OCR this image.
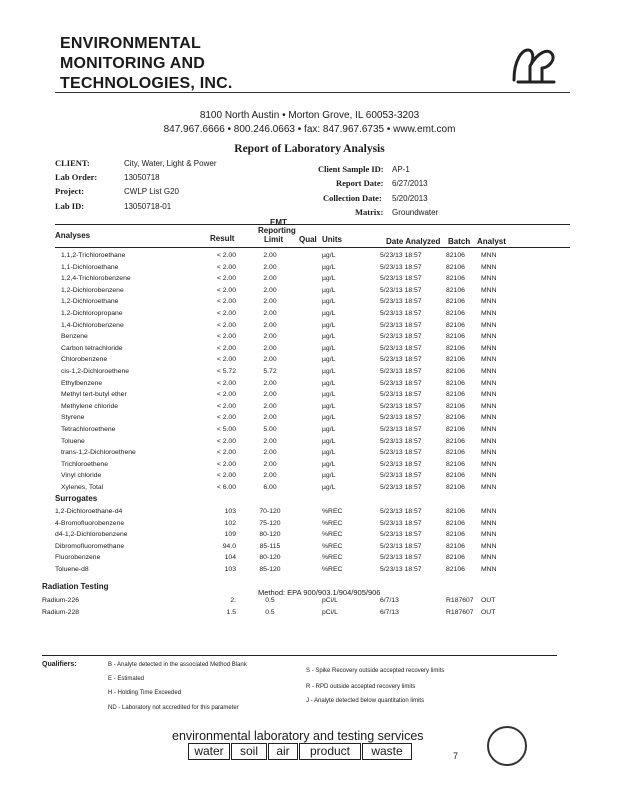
ENVIRONMENTAL
MONITORING AND
TECHNOLOGIES, INC.
8100 North Austin • Morton Grove, IL 60053-3203
847.967.6666 • 800.246.0663 • fax: 847.967.6735 • www.emt.com
Report of Laboratory Analysis
CLIENT:	City, Water, Light & Power
Lab Order:	13050718
Project:	CWLP List G20
Lab ID:	13050718-01
Client Sample ID: AP-1
Report Date: 6/27/2013
Collection Date: 5/20/2013
Matrix: Groundwater
Analyses	Result
EMT
Reporting
Limit Qual Units	Date Analyzed Batch Analyst
1,1,2-Trichloroethane	< 2.00	2.00	µg/L	5/23/13 18:57	82106 MNN
1,1-Dichloroethane	< 2.00	2.00	µg/L	5/23/13 18:57	82106 MNN
1,2,4-Trichlorobenzene	< 2.00	2.00	µg/L	5/23/13 18:57	82106 MNN
1,2-Dichlorobenzene	< 2.00	2.00	µg/L	5/23/13 18:57	82106 MNN
1,2-Dichloroethane	< 2.00	2.00	µg/L	5/23/13 18:57	82106 MNN
1,2-Dichloropropane	< 2.00	2.00	µg/L	5/23/13 18:57	82106 MNN
1,4-Dichlorobenzene	< 2.00	2.00	µg/L	5/23/13 18:57	82106 MNN
Benzene	< 2.00	2.00	µg/L	5/23/13 18:57	82106 MNN
Carbon tetrachloride	< 2.00	2.00	µg/L	5/23/13 18:57	82106 MNN
Chlorobenzene	< 2.00	2.00	µg/L	5/23/13 18:57	82106 MNN
cis-1,2-Dichloroethene	< 5.72	5.72	µg/L	5/23/13 18:57	82106 MNN
Ethylbenzene	< 2.00	2.00	µg/L	5/23/13 18:57	82106 MNN
Methyl tert-butyl ether	< 2.00	2.00	µg/L	5/23/13 18:57	82106 MNN
Methylene chloride	< 2.00	2.00	µg/L	5/23/13 18:57	82106 MNN
Styrene	< 2.00	2.00	µg/L	5/23/13 18:57	82106 MNN
Tetrachloroethene	< 5.00	5.00	µg/L	5/23/13 18:57	82106 MNN
Toluene	< 2.00	2.00	µg/L	5/23/13 18:57	82106 MNN
trans-1,2-Dichloroethene	< 2.00	2.00	µg/L	5/23/13 18:57	82106 MNN
Trichloroethene	< 2.00	2.00	µg/L	5/23/13 18:57	82106 MNN
Vinyl chloride	< 2.00	2.00	µg/L	5/23/13 18:57	82106 MNN
Xylenes, Total	< 6.00	6.00	µg/L	5/23/13 18:57	82106 MNN
Surrogates
1,2-Dichloroethane-d4	103	70-120	%REC	5/23/13 18:57	82106 MNN
4-Bromofluorobenzene	102	75-120	%REC	5/23/13 18:57	82106 MNN
d4-1,2-Dichlorobenzene	109	80-120	%REC	5/23/13 18:57	82106 MNN
Dibromofluoromethane	94.0	85-115	%REC	5/23/13 18:57	82106 MNN
Fluorobenzene	104	80-120	%REC	5/23/13 18:57	82106 MNN
Toluene-d8	103	85-120	%REC	5/23/13 18:57	82106 MNN
Radiation Testing
Method: EPA 900/903.1/904/905/906
Radium-226	2.	0.5	pCi/L	6/7/13	R187607 OUT
Radium-228	1.5	0.5	pCi/L	6/7/13	R187607 OUT
Qualifiers:	B - Analyte detected in the associated Method Blank
E - Estimated
H - Holding Time Exceeded
ND - Laboratory not accredited for this parameter
S - Spike Recovery outside accepted recovery limits
R - RPD outside accepted recovery limits
J - Analyte detected below quantitation limits
environmental laboratory and testing services
water	soil	air	product	waste	7
